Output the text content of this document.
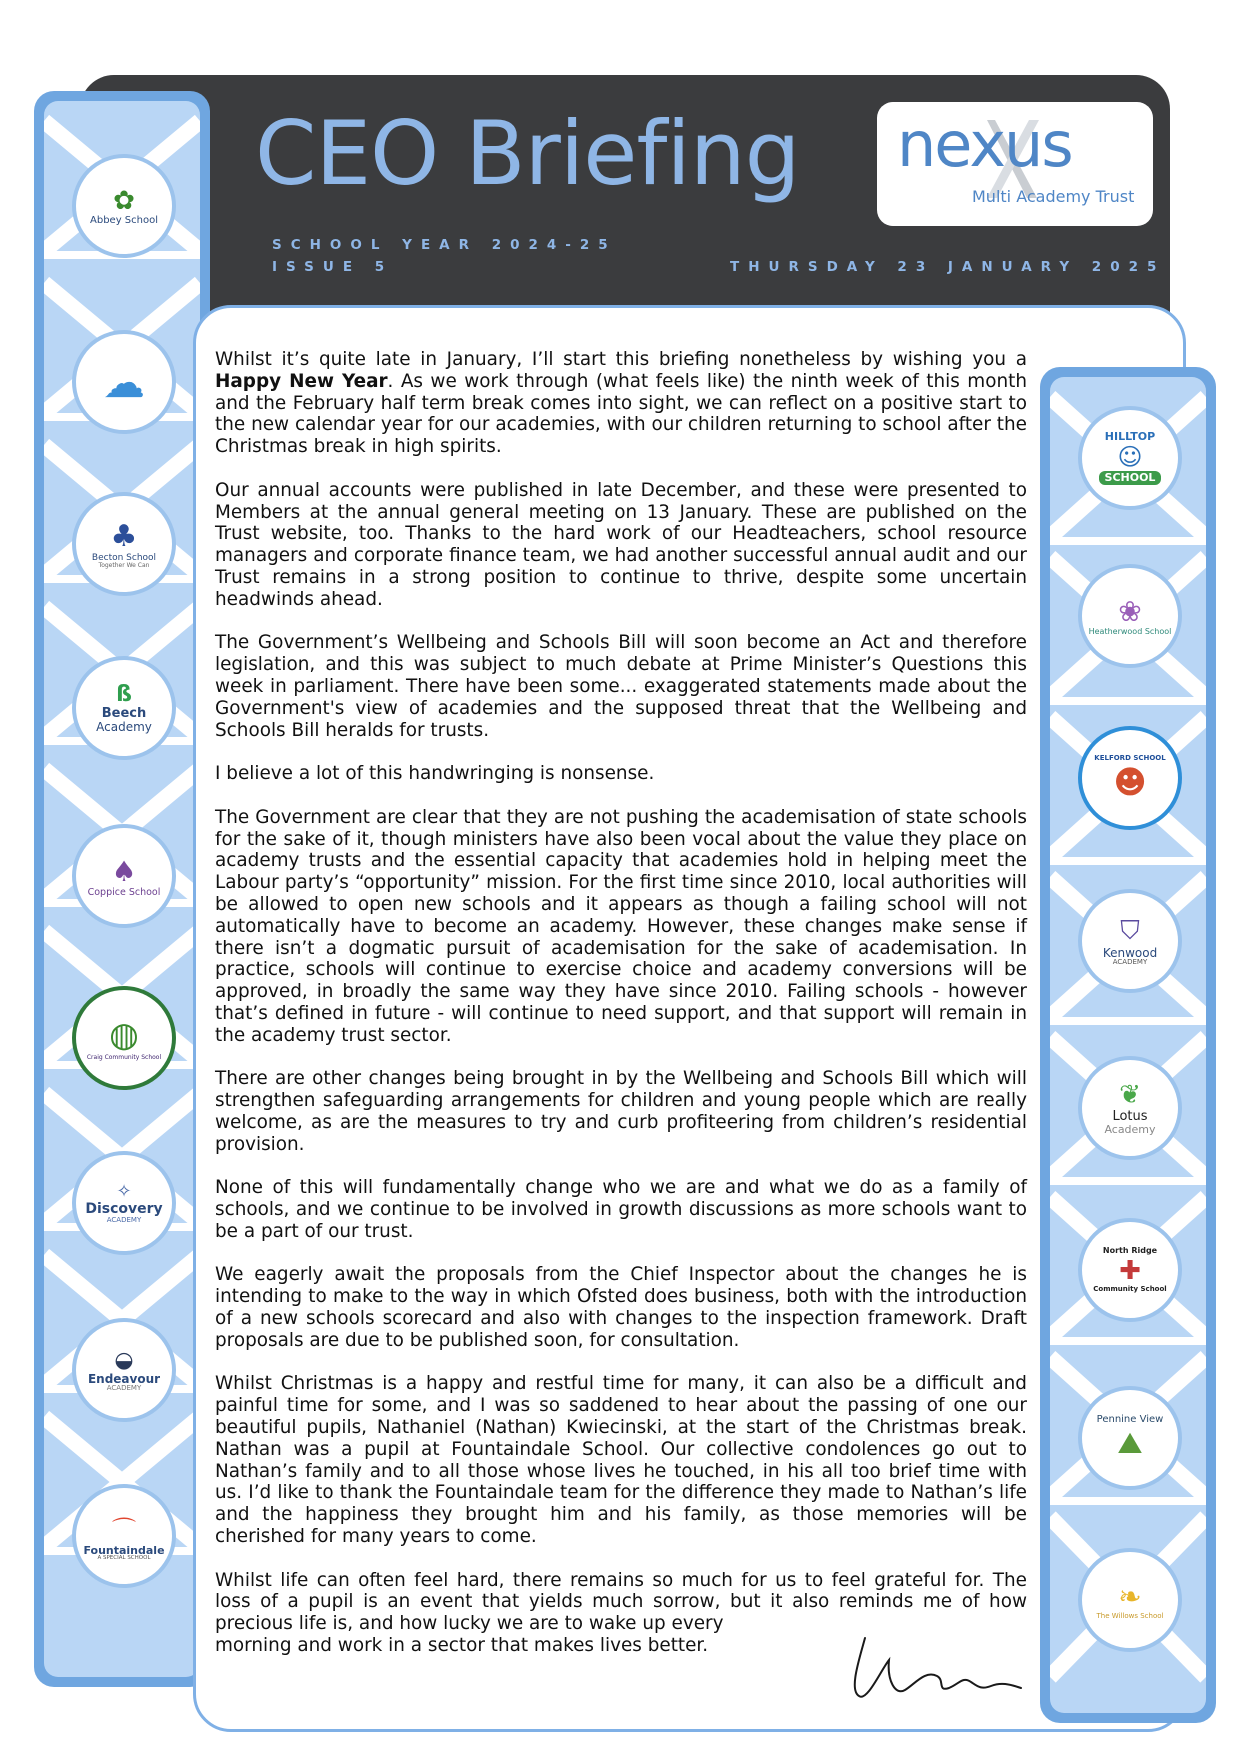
CEO Briefing
SCHOOL YEAR 2024-25
ISSUE 5	THURSDAY 23 JANUARY 2025
nexus
Multi Academy Trust
✿
Abbey School
☁
♣
Becton School
Together We Can
ß
Beech
Academy
♠
Coppice School
◍
Craig Community School
✧
Discovery
ACADEMY
◒
Endeavour
ACADEMY
⌒
Fountaindale
A SPECIAL SCHOOL
HILLTOP
☺
SCHOOL
❀
Heatherwood School
KELFORD SCHOOL
☻
⛉
Kenwood
ACADEMY
❦
Lotus
Academy
North Ridge
✚
Community School
Pennine View
⛰
❧
The Willows School

Whilst it’s quite late in January, I’ll start this briefing nonetheless by wishing you a Happy New Year. As we work through (what feels like) the ninth week of this month and the February half term break comes into sight, we can reflect on a positive start to the new calendar year for our academies, with our children returning to school after the Christmas break in high spirits.

Our annual accounts were published in late December, and these were presented to Members at the annual general meeting on 13 January. These are published on the Trust website, too. Thanks to the hard work of our Headteachers, school resource managers and corporate finance team, we had another successful annual audit and our Trust remains in a strong position to continue to thrive, despite some uncertain headwinds ahead.

The Government’s Wellbeing and Schools Bill will soon become an Act and therefore legislation, and this was subject to much debate at Prime Minister’s Questions this week in parliament. There have been some... exaggerated statements made about the Government's view of academies and the supposed threat that the Wellbeing and Schools Bill heralds for trusts.

I believe a lot of this handwringing is nonsense.

The Government are clear that they are not pushing the academisation of state schools for the sake of it, though ministers have also been vocal about the value they place on academy trusts and the essential capacity that academies hold in helping meet the Labour party’s “opportunity” mission. For the first time since 2010, local authorities will be allowed to open new schools and it appears as though a failing school will not automatically have to become an academy. However, these changes make sense if there isn’t a dogmatic pursuit of academisation for the sake of academisation. In practice, schools will continue to exercise choice and academy conversions will be approved, in broadly the same way they have since 2010. Failing schools - however that’s defined in future - will continue to need support, and that support will remain in the academy trust sector.

There are other changes being brought in by the Wellbeing and Schools Bill which will strengthen safeguarding arrangements for children and young people which are really welcome, as are the measures to try and curb profiteering from children’s residential provision.

None of this will fundamentally change who we are and what we do as a family of schools, and we continue to be involved in growth discussions as more schools want to be a part of our trust.

We eagerly await the proposals from the Chief Inspector about the changes he is intending to make to the way in which Ofsted does business, both with the introduction of a new schools scorecard and also with changes to the inspection framework. Draft proposals are due to be published soon, for consultation.

Whilst Christmas is a happy and restful time for many, it can also be a difficult and painful time for some, and I was so saddened to hear about the passing of one our beautiful pupils, Nathaniel (Nathan) Kwiecinski, at the start of the Christmas break. Nathan was a pupil at Fountaindale School. Our collective condolences go out to Nathan’s family and to all those whose lives he touched, in his all too brief time with us. I’d like to thank the Fountaindale team for the difference they made to Nathan’s life and the happiness they brought him and his family, as those memories will be cherished for many years to come.

Whilst life can often feel hard, there remains so much for us to feel grateful for. The loss of a pupil is an event that yields much sorrow, but it also reminds me of how precious life is, and how lucky we are to wake up every
morning and work in a sector that makes lives better.
